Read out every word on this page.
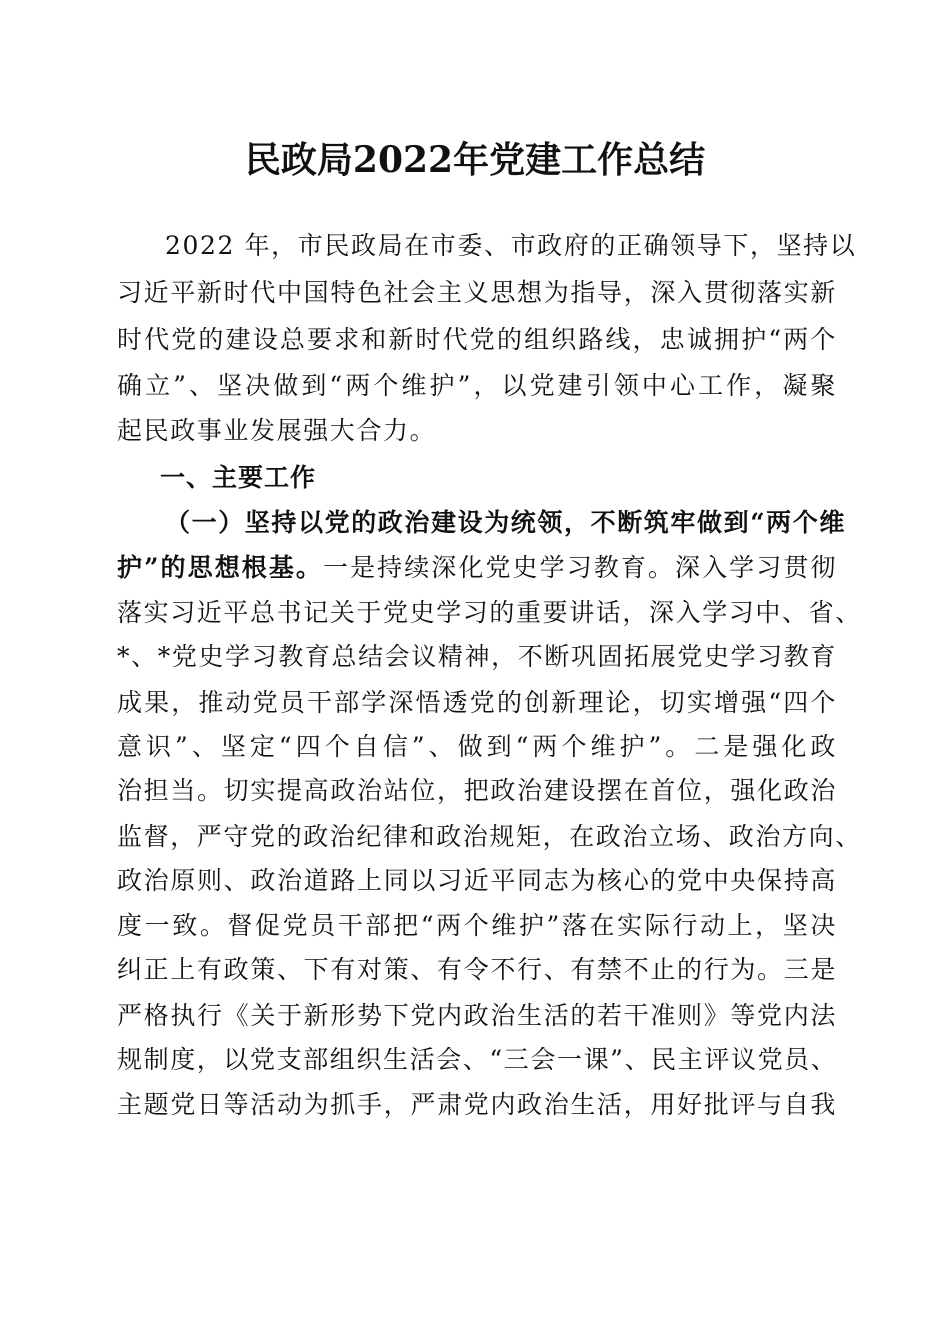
民政局2022年党建工作总结
2022 年，市民政局在市委、市政府的正确领导下，坚持以
习近平新时代中国特色社会主义思想为指导，深入贯彻落实新
时代党的建设总要求和新时代党的组织路线，忠诚拥护“两个
确立”、坚决做到“两个维护”，以党建引领中心工作，凝聚
起民政事业发展强大合力。
一、主要工作
（一）坚持以党的政治建设为统领，不断筑牢做到“两个维
护”的思想根基。一是持续深化党史学习教育。深入学习贯彻
落实习近平总书记关于党史学习的重要讲话，深入学习中、省、
*、*党史学习教育总结会议精神，不断巩固拓展党史学习教育
成果，推动党员干部学深悟透党的创新理论，切实增强“四个
意识”、坚定“四个自信”、做到“两个维护”。二是强化政
治担当。切实提高政治站位，把政治建设摆在首位，强化政治
监督，严守党的政治纪律和政治规矩，在政治立场、政治方向、
政治原则、政治道路上同以习近平同志为核心的党中央保持高
度一致。督促党员干部把“两个维护”落在实际行动上，坚决
纠正上有政策、下有对策、有令不行、有禁不止的行为。三是
严格执行《关于新形势下党内政治生活的若干准则》等党内法
规制度，以党支部组织生活会、“三会一课”、民主评议党员、
主题党日等活动为抓手，严肃党内政治生活，用好批评与自我
